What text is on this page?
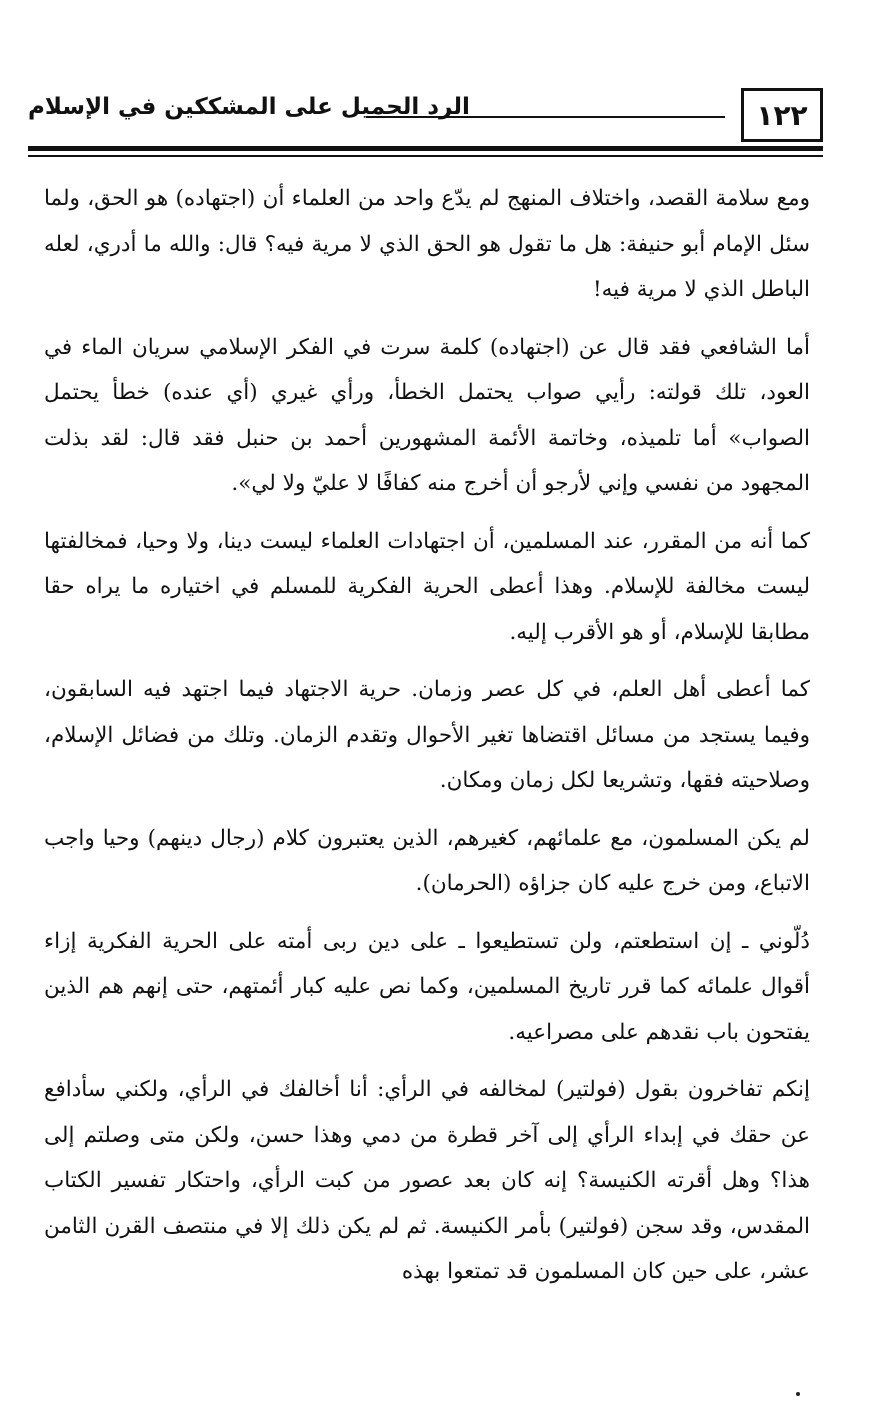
١٢٢
الرد الجميل على المشككين في الإسلام

ومع سلامة القصد، واختلاف المنهج لم يدّع واحد من العلماء أن (اجتهاده) هو الحق، ولما سئل الإمام أبو حنيفة: هل ما تقول هو الحق الذي لا مرية فيه؟ قال: والله ما أدري، لعله الباطل الذي لا مرية فيه!

أما الشافعي فقد قال عن (اجتهاده) كلمة سرت في الفكر الإسلامي سريان الماء في العود، تلك قولته: رأيي صواب يحتمل الخطأ، ورأي غيري (أي عنده) خطأ يحتمل الصواب» أما تلميذه، وخاتمة الأئمة المشهورين أحمد بن حنبل فقد قال: لقد بذلت المجهود من نفسي وإني لأرجو أن أخرج منه كفافًا لا عليّ ولا لي».

كما أنه من المقرر، عند المسلمين، أن اجتهادات العلماء ليست دينا، ولا وحيا، فمخالفتها ليست مخالفة للإسلام. وهذا أعطى الحرية الفكرية للمسلم في اختياره ما يراه حقا مطابقا للإسلام، أو هو الأقرب إليه.

كما أعطى أهل العلم، في كل عصر وزمان. حرية الاجتهاد فيما اجتهد فيه السابقون، وفيما يستجد من مسائل اقتضاها تغير الأحوال وتقدم الزمان. وتلك من فضائل الإسلام، وصلاحيته فقها، وتشريعا لكل زمان ومكان.

لم يكن المسلمون، مع علمائهم، كغيرهم، الذين يعتبرون كلام (رجال دينهم) وحيا واجب الاتباع، ومن خرج عليه كان جزاؤه (الحرمان).

دُلّوني ـ إن استطعتم، ولن تستطيعوا ـ على دين ربى أمته على الحرية الفكرية إزاء أقوال علمائه كما قرر تاريخ المسلمين، وكما نص عليه كبار أئمتهم، حتى إنهم هم الذين يفتحون باب نقدهم على مصراعيه.

إنكم تفاخرون بقول (فولتير) لمخالفه في الرأي: أنا أخالفك في الرأي، ولكني سأدافع عن حقك في إبداء الرأي إلى آخر قطرة من دمي وهذا حسن، ولكن متى وصلتم إلى هذا؟ وهل أقرته الكنيسة؟ إنه كان بعد عصور من كبت الرأي، واحتكار تفسير الكتاب المقدس، وقد سجن (فولتير) بأمر الكنيسة. ثم لم يكن ذلك إلا في منتصف القرن الثامن عشر، على حين كان المسلمون قد تمتعوا بهذه
